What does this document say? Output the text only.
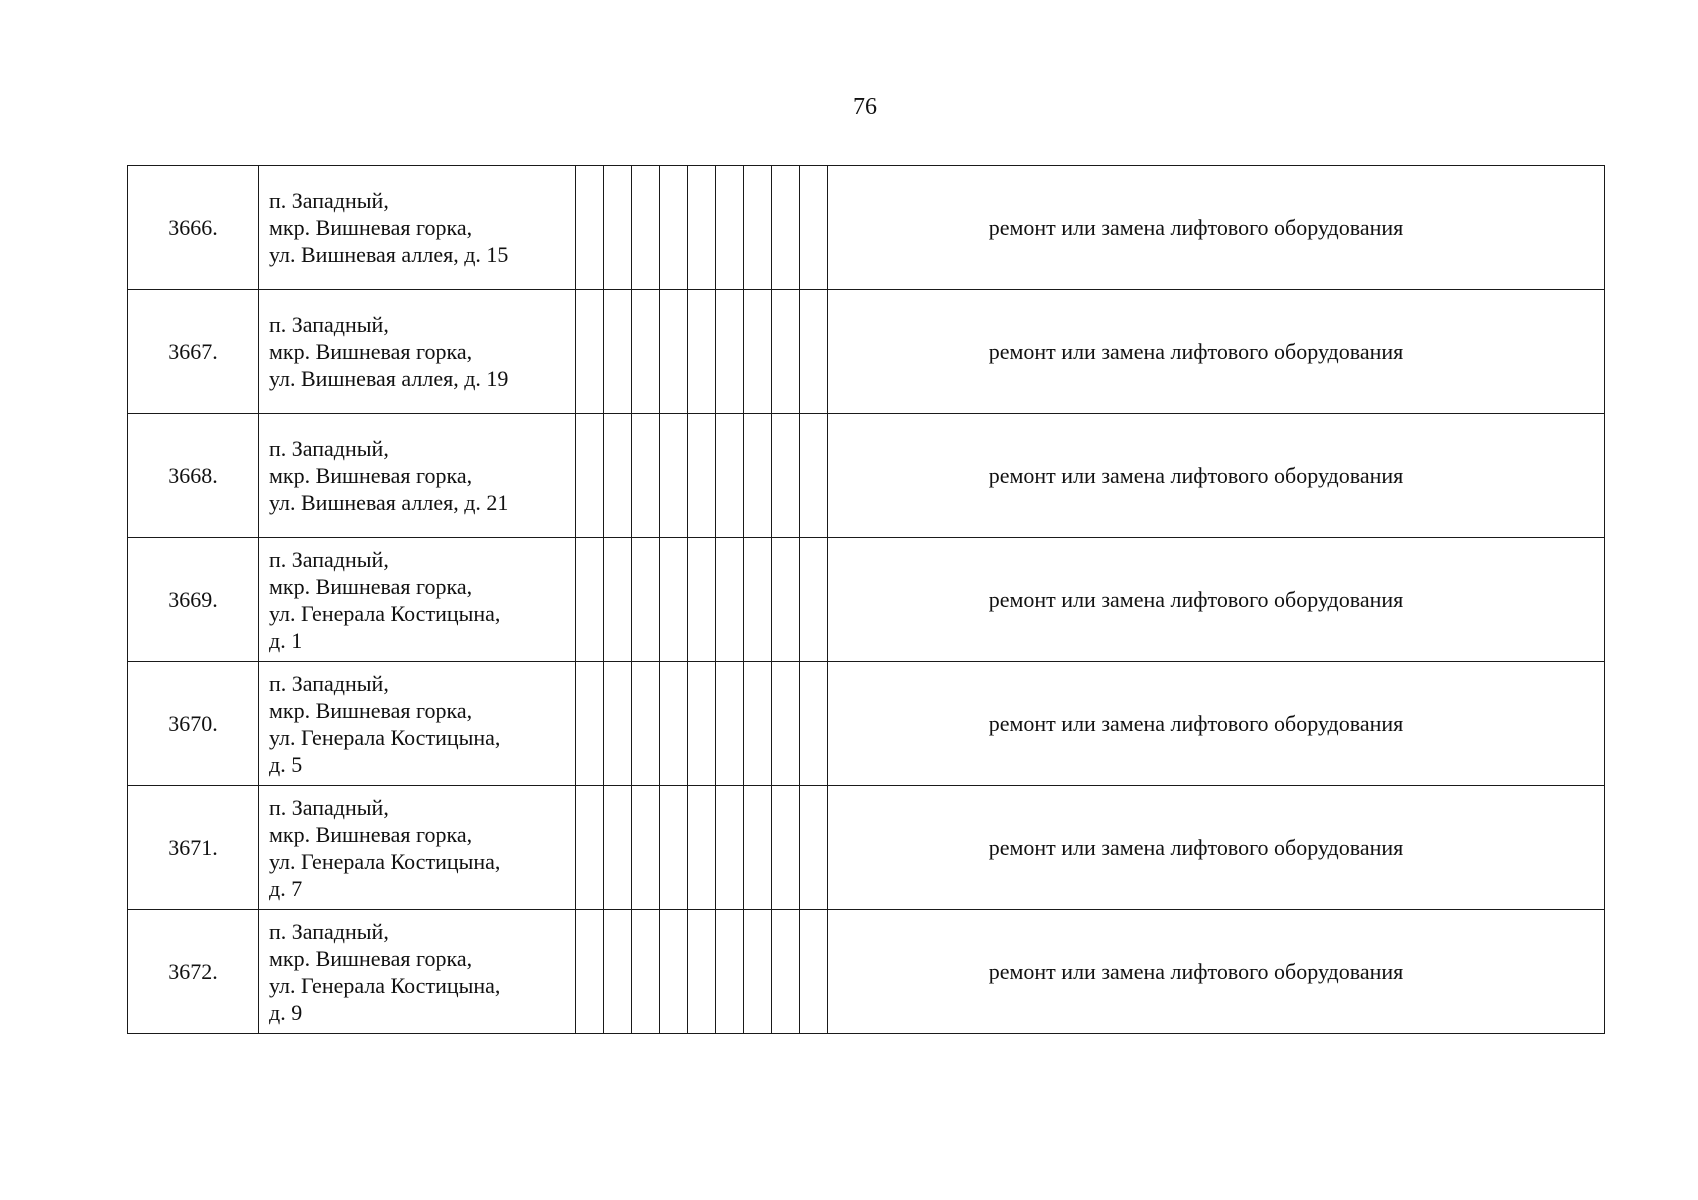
76
3666.	п. Западный,
мкр. Вишневая горка,
ул. Вишневая аллея, д. 15										ремонт или замена лифтового оборудования
3667.	п. Западный,
мкр. Вишневая горка,
ул. Вишневая аллея, д. 19										ремонт или замена лифтового оборудования
3668.	п. Западный,
мкр. Вишневая горка,
ул. Вишневая аллея, д. 21										ремонт или замена лифтового оборудования
3669.	п. Западный,
мкр. Вишневая горка,
ул. Генерала Костицына,
д. 1										ремонт или замена лифтового оборудования
3670.	п. Западный,
мкр. Вишневая горка,
ул. Генерала Костицына,
д. 5										ремонт или замена лифтового оборудования
3671.	п. Западный,
мкр. Вишневая горка,
ул. Генерала Костицына,
д. 7										ремонт или замена лифтового оборудования
3672.	п. Западный,
мкр. Вишневая горка,
ул. Генерала Костицына,
д. 9										ремонт или замена лифтового оборудования
